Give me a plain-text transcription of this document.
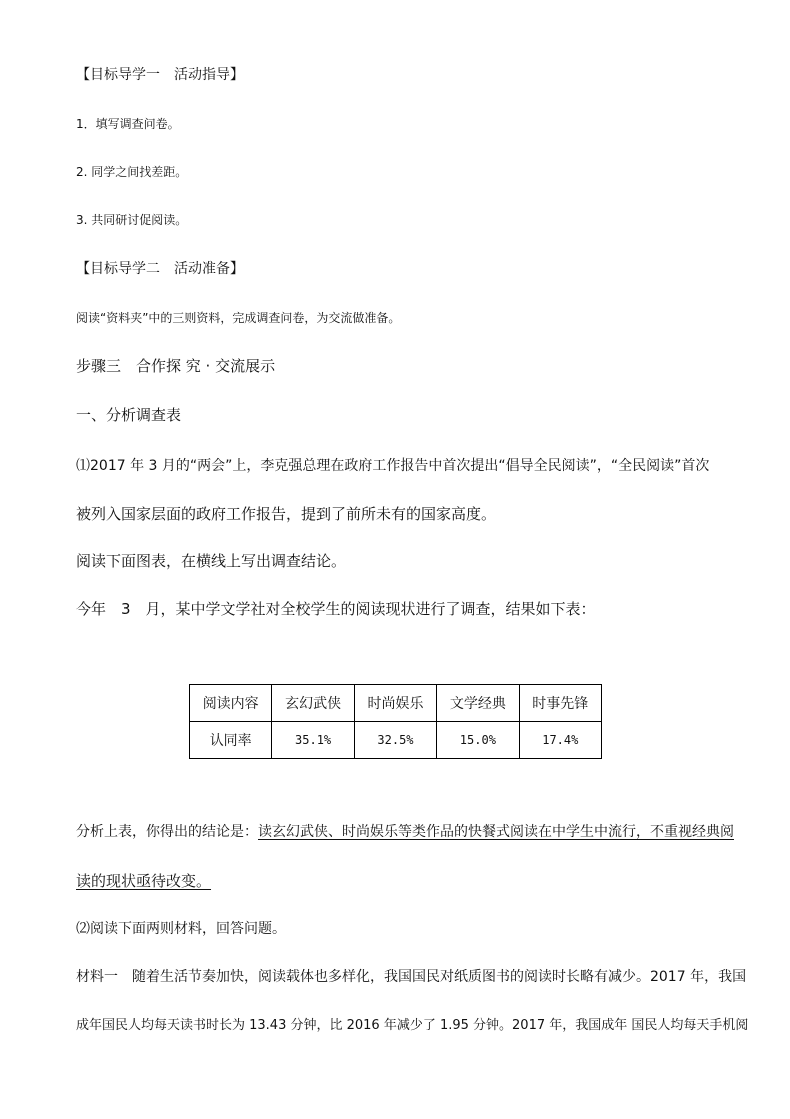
【目标导学一　活动指导】
1．填写调查问卷。
2. 同学之间找差距。
3. 共同研讨促阅读。
【目标导学二　活动准备】
阅读“资料夹”中的三则资料，完成调查问卷，为交流做准备。
步骤三　合作探 究 · 交流展示
一、分析调查表
⑴2017 年 3 月的“两会”上，李克强总理在政府工作报告中首次提出“倡导全民阅读”，“全民阅读”首次
被列入国家层面的政府工作报告，提到了前所未有的国家高度。
阅读下面图表，在横线上写出调查结论。
今年　3　月，某中学文学社对全校学生的阅读现状进行了调查，结果如下表：
阅读内容	玄幻武侠	时尚娱乐	文学经典	时事先锋
认同率	35.1%	32.5%	15.0%	17.4%
分析上表，你得出的结论是：读玄幻武侠、时尚娱乐等类作品的快餐式阅读在中学生中流行，不重视经典阅
读的现状亟待改变。
⑵阅读下面两则材料，回答问题。
材料一　随着生活节奏加快，阅读载体也多样化，我国国民对纸质图书的阅读时长略有减少。2017 年，我国
成年国民人均每天读书时长为 13.43 分钟，比 2016 年减少了 1.95 分钟。2017 年，我国成年 国民人均每天手机阅
